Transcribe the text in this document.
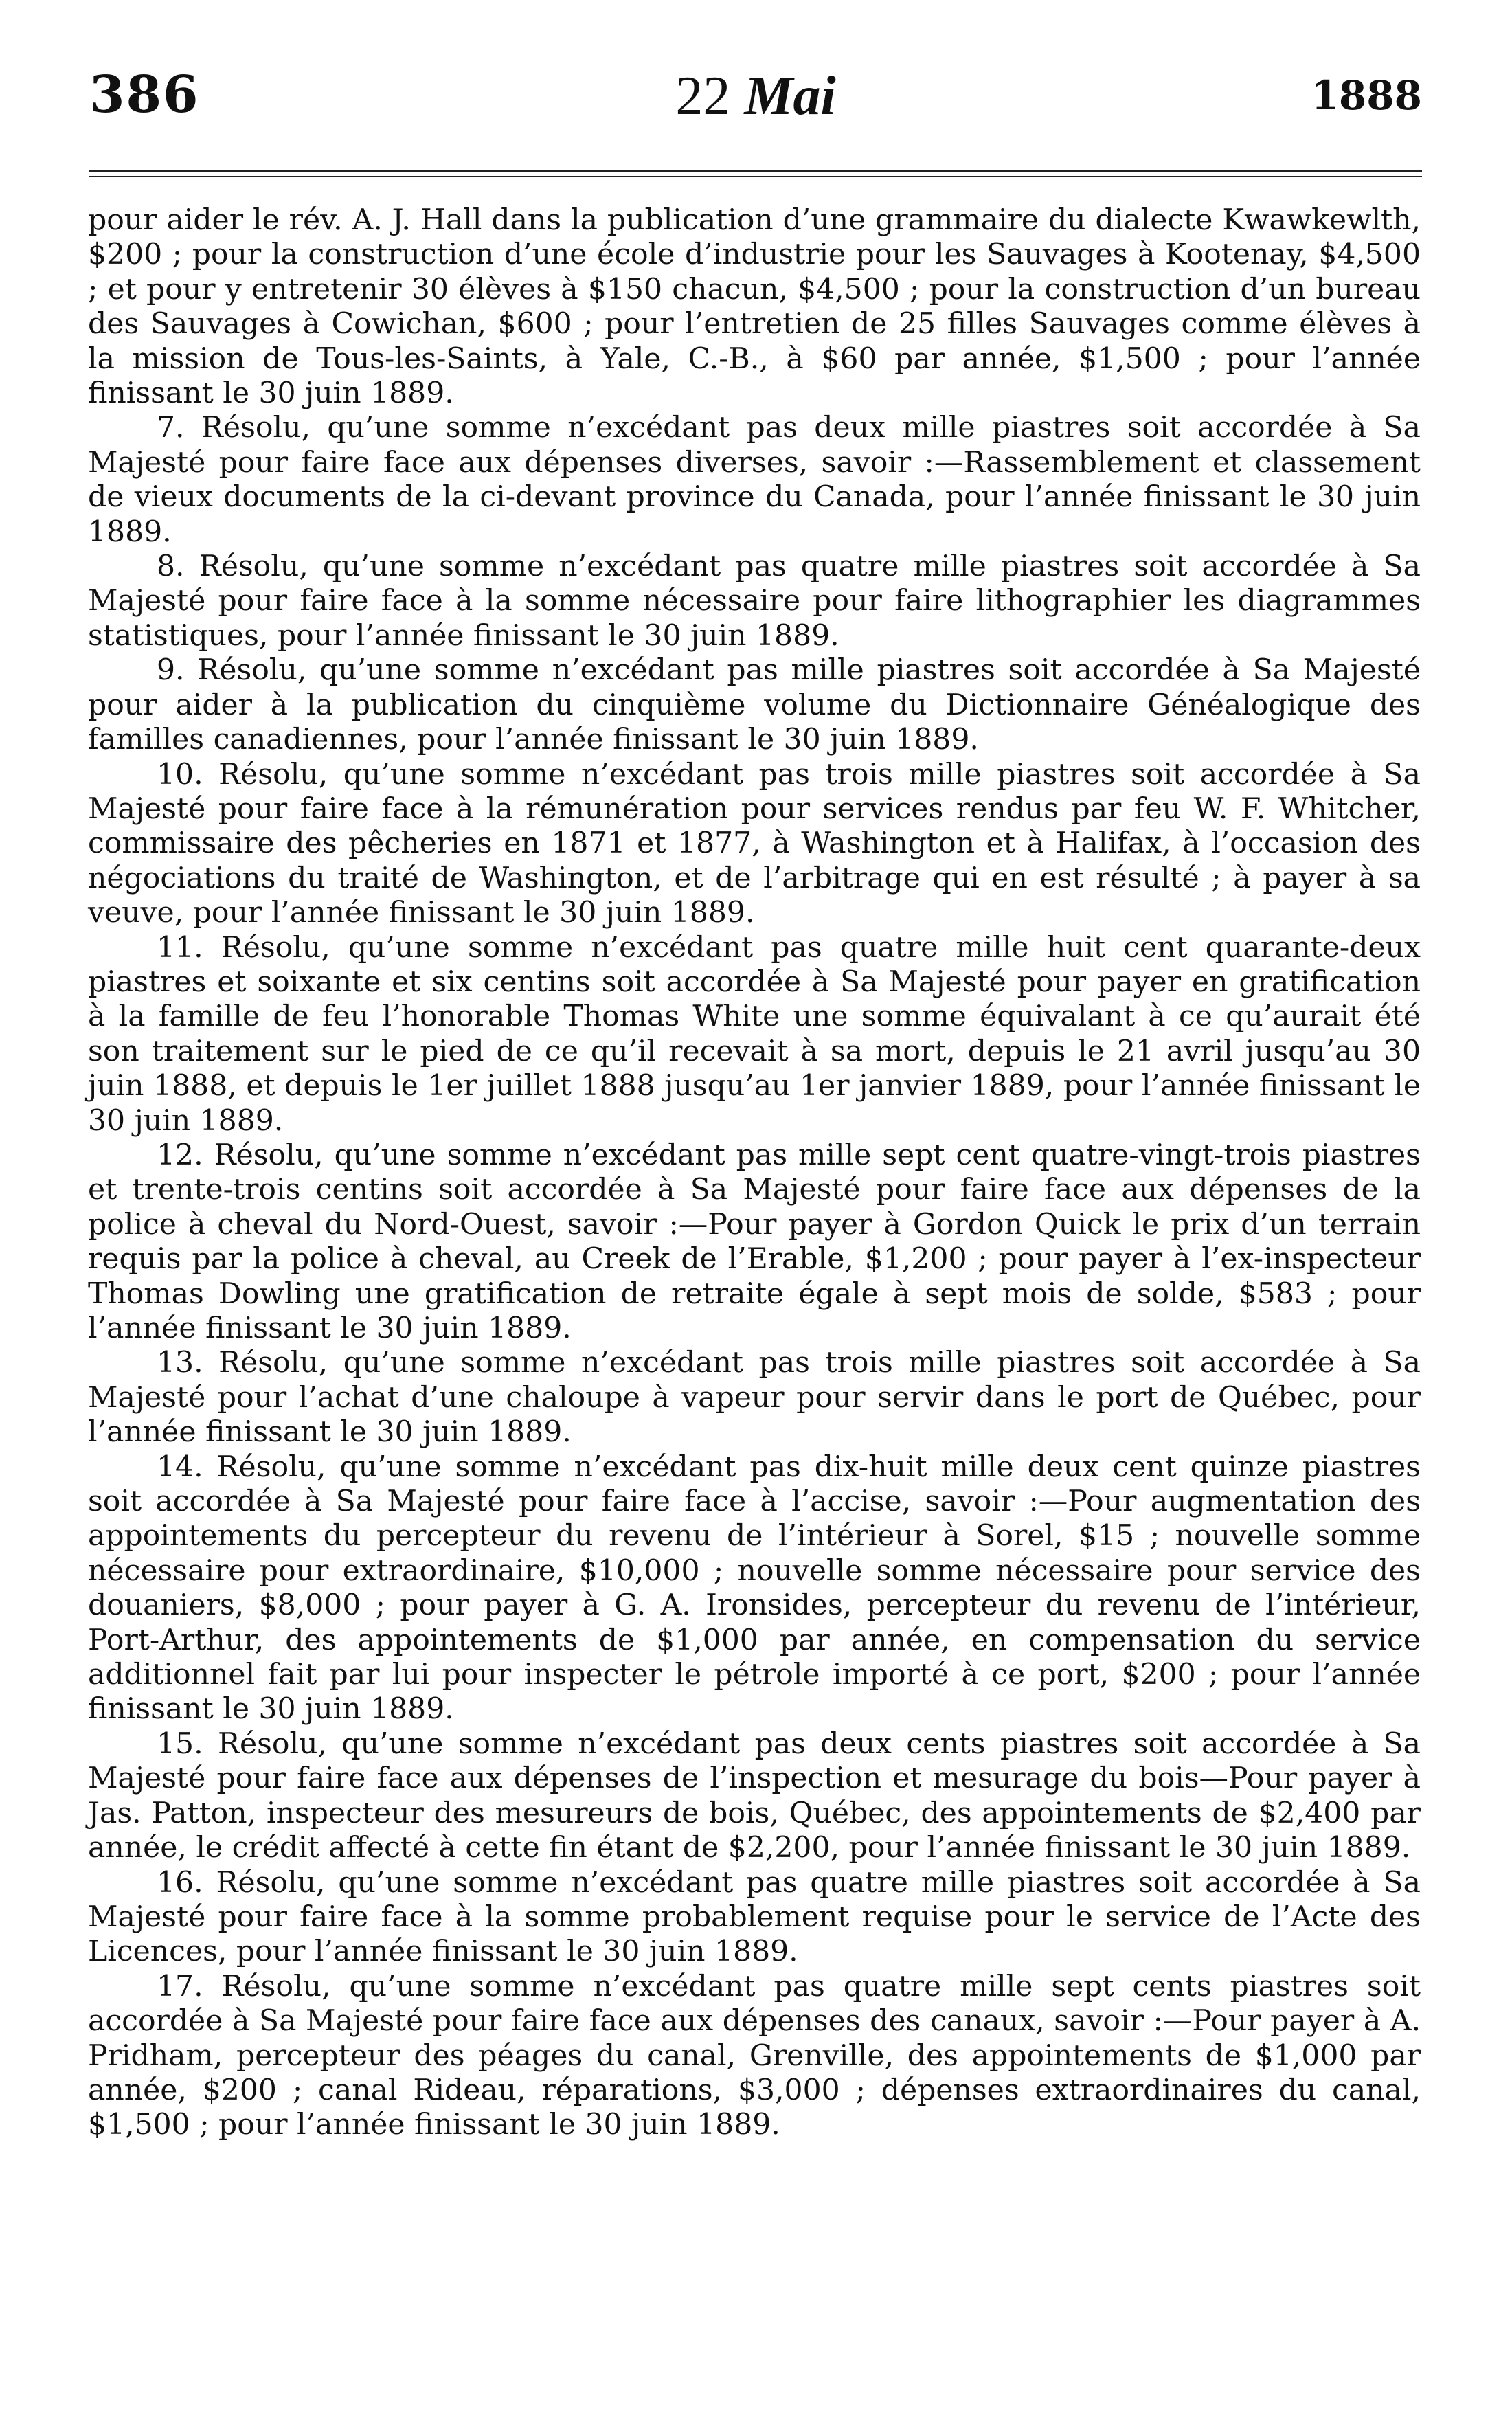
386	22 Mai	1888

pour aider le rév. A. J. Hall dans la publication d’une grammaire du dialecte Kwawkewlth, $200 ; pour la construction d’une école d’industrie pour les Sauvages à Kootenay, $4,500 ; et pour y entretenir 30 élèves à $150 chacun, $4,500 ; pour la construction d’un bureau des Sauvages à Cowichan, $600 ; pour l’entretien de 25 filles Sauvages comme élèves à la mission de Tous-les-Saints, à Yale, C.-B., à $60 par année, $1,500 ; pour l’année finissant le 30 juin 1889.

7. Résolu, qu’une somme n’excédant pas deux mille piastres soit accordée à Sa Majesté pour faire face aux dépenses diverses, savoir :—Rassemblement et classement de vieux documents de la ci-devant province du Canada, pour l’année finissant le 30 juin 1889.

8. Résolu, qu’une somme n’excédant pas quatre mille piastres soit accordée à Sa Majesté pour faire face à la somme nécessaire pour faire lithographier les diagrammes statistiques, pour l’année finissant le 30 juin 1889.

9. Résolu, qu’une somme n’excédant pas mille piastres soit accordée à Sa Majesté pour aider à la publication du cinquième volume du Dictionnaire Généalogique des familles canadiennes, pour l’année finissant le 30 juin 1889.

10. Résolu, qu’une somme n’excédant pas trois mille piastres soit accordée à Sa Majesté pour faire face à la rémunération pour services rendus par feu W. F. Whitcher, commissaire des pêcheries en 1871 et 1877, à Washington et à Halifax, à l’occasion des négociations du traité de Washington, et de l’arbitrage qui en est résulté ; à payer à sa veuve, pour l’année finissant le 30 juin 1889.

11. Résolu, qu’une somme n’excédant pas quatre mille huit cent quarante-deux piastres et soixante et six centins soit accordée à Sa Majesté pour payer en gratification à la famille de feu l’honorable Thomas White une somme équivalant à ce qu’aurait été son traitement sur le pied de ce qu’il recevait à sa mort, depuis le 21 avril jusqu’au 30 juin 1888, et depuis le 1er juillet 1888 jusqu’au 1er janvier 1889, pour l’année finissant le 30 juin 1889.

12. Résolu, qu’une somme n’excédant pas mille sept cent quatre-vingt-trois piastres et trente-trois centins soit accordée à Sa Majesté pour faire face aux dépenses de la police à cheval du Nord-Ouest, savoir :—Pour payer à Gordon Quick le prix d’un terrain requis par la police à cheval, au Creek de l’Erable, $1,200 ; pour payer à l’ex-inspecteur Thomas Dowling une gratification de retraite égale à sept mois de solde, $583 ; pour l’année finissant le 30 juin 1889.

13. Résolu, qu’une somme n’excédant pas trois mille piastres soit accordée à Sa Majesté pour l’achat d’une chaloupe à vapeur pour servir dans le port de Québec, pour l’année finissant le 30 juin 1889.

14. Résolu, qu’une somme n’excédant pas dix-huit mille deux cent quinze piastres soit accordée à Sa Majesté pour faire face à l’accise, savoir :—Pour augmentation des appointements du percepteur du revenu de l’intérieur à Sorel, $15 ; nouvelle somme nécessaire pour extraordinaire, $10,000 ; nouvelle somme nécessaire pour service des douaniers, $8,000 ; pour payer à G. A. Ironsides, percepteur du revenu de l’intérieur, Port-Arthur, des appointements de $1,000 par année, en compensation du service additionnel fait par lui pour inspecter le pétrole importé à ce port, $200 ; pour l’année finissant le 30 juin 1889.

15. Résolu, qu’une somme n’excédant pas deux cents piastres soit accordée à Sa Majesté pour faire face aux dépenses de l’inspection et mesurage du bois—Pour payer à Jas. Patton, inspecteur des mesureurs de bois, Québec, des appointements de $2,400 par année, le crédit affecté à cette fin étant de $2,200, pour l’année finissant le 30 juin 1889.

16. Résolu, qu’une somme n’excédant pas quatre mille piastres soit accordée à Sa Majesté pour faire face à la somme probablement requise pour le service de l’Acte des Licences, pour l’année finissant le 30 juin 1889.

17. Résolu, qu’une somme n’excédant pas quatre mille sept cents piastres soit accordée à Sa Majesté pour faire face aux dépenses des canaux, savoir :—Pour payer à A. Pridham, percepteur des péages du canal, Grenville, des appointements de $1,000 par année, $200 ; canal Rideau, réparations, $3,000 ; dépenses extraordinaires du canal, $1,500 ; pour l’année finissant le 30 juin 1889.
